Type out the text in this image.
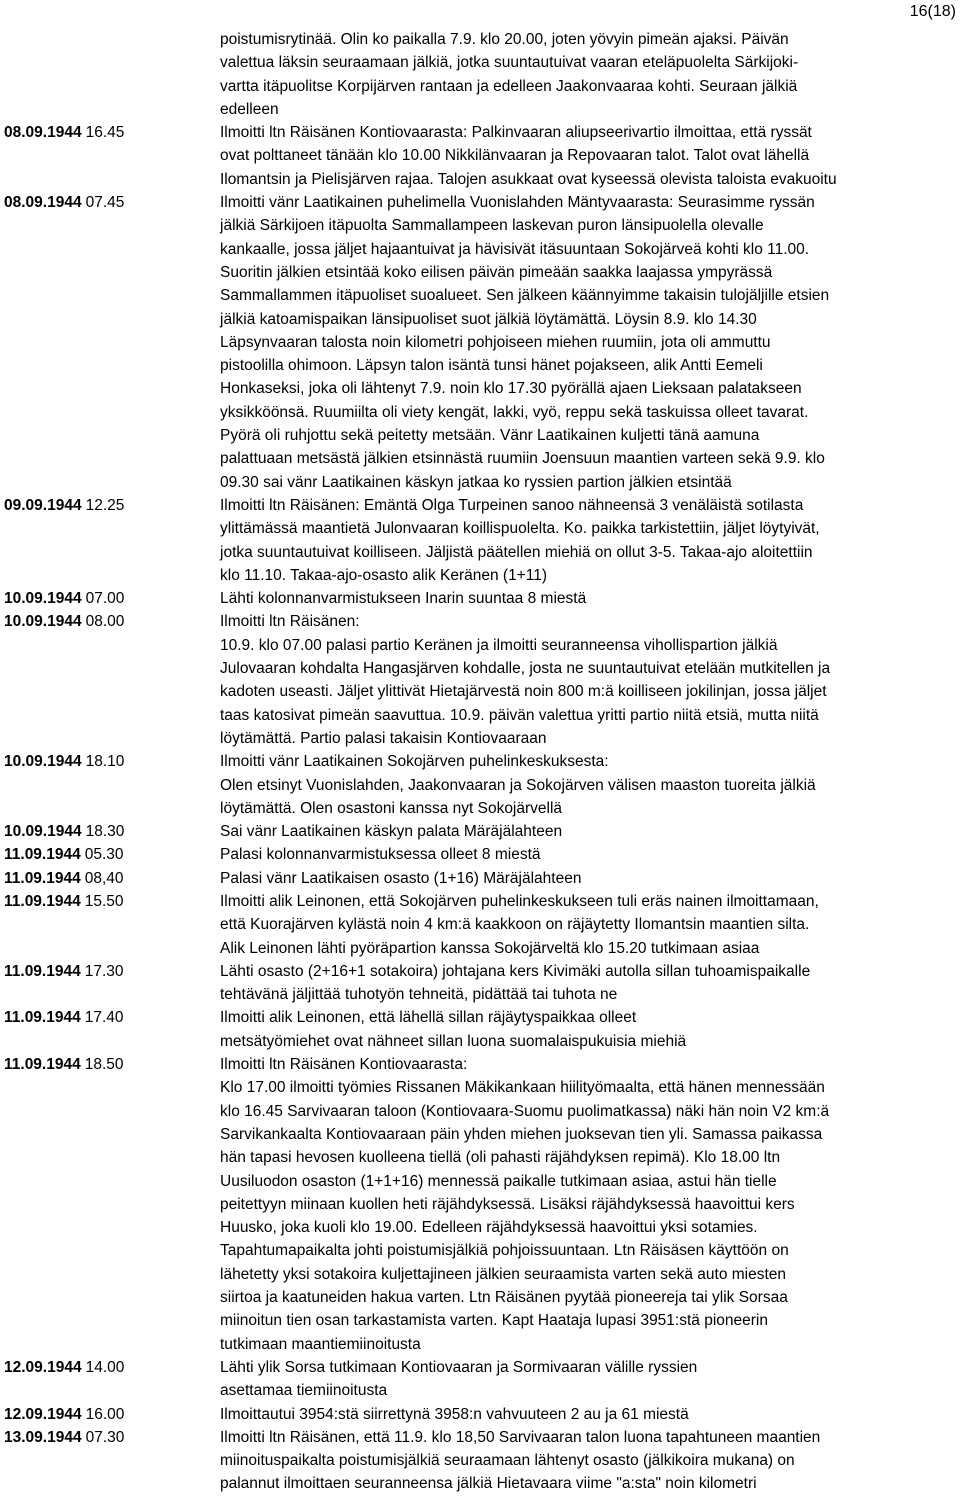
16(18)
poistumisrytinää. Olin ko paikalla 7.9. klo 20.00, joten yövyin pimeän ajaksi. Päivän
valettua läksin seuraamaan jälkiä, jotka suuntautuivat vaaran eteläpuolelta Särkijoki-
vartta itäpuolitse Korpijärven rantaan ja edelleen Jaakonvaaraa kohti. Seuraan jälkiä
edelleen
08.09.1944 16.45	Ilmoitti ltn Räisänen Kontiovaarasta: Palkinvaaran aliupseerivartio ilmoittaa, että ryssät
ovat polttaneet tänään klo 10.00 Nikkilänvaaran ja Repovaaran talot. Talot ovat lähellä
Ilomantsin ja Pielisjärven rajaa. Talojen asukkaat ovat kyseessä olevista taloista evakuoitu
08.09.1944 07.45	Ilmoitti vänr Laatikainen puhelimella Vuonislahden Mäntyvaarasta: Seurasimme ryssän
jälkiä Särkijoen itäpuolta Sammallampeen laskevan puron länsipuolella olevalle
kankaalle, jossa jäljet hajaantuivat ja hävisivät itäsuuntaan Sokojärveä kohti klo 11.00.
Suoritin jälkien etsintää koko eilisen päivän pimeään saakka laajassa ympyrässä
Sammallammen itäpuoliset suoalueet. Sen jälkeen käännyimme takaisin tulojäljille etsien
jälkiä katoamispaikan länsipuoliset suot jälkiä löytämättä. Löysin 8.9. klo 14.30
Läpsynvaaran talosta noin kilometri pohjoiseen miehen ruumiin, jota oli ammuttu
pistoolilla ohimoon. Läpsyn talon isäntä tunsi hänet pojakseen, alik Antti Eemeli
Honkaseksi, joka oli lähtenyt 7.9. noin klo 17.30 pyörällä ajaen Lieksaan palatakseen
yksikköönsä. Ruumiilta oli viety kengät, lakki, vyö, reppu sekä taskuissa olleet tavarat.
Pyörä oli ruhjottu sekä peitetty metsään. Vänr Laatikainen kuljetti tänä aamuna
palattuaan metsästä jälkien etsinnästä ruumiin Joensuun maantien varteen sekä 9.9. klo
09.30 sai vänr Laatikainen käskyn jatkaa ko ryssien partion jälkien etsintää
09.09.1944 12.25	Ilmoitti ltn Räisänen: Emäntä Olga Turpeinen sanoo nähneensä 3 venäläistä sotilasta
ylittämässä maantietä Julonvaaran koillispuolelta. Ko. paikka tarkistettiin, jäljet löytyivät,
jotka suuntautuivat koilliseen. Jäljistä päätellen miehiä on ollut 3-5. Takaa-ajo aloitettiin
klo 11.10. Takaa-ajo-osasto alik Keränen (1+11)
10.09.1944 07.00	Lähti kolonnanvarmistukseen Inarin suuntaa 8 miestä
10.09.1944 08.00	Ilmoitti ltn Räisänen:
10.9. klo 07.00 palasi partio Keränen ja ilmoitti seuranneensa vihollispartion jälkiä
Julovaaran kohdalta Hangasjärven kohdalle, josta ne suuntautuivat etelään mutkitellen ja
kadoten useasti. Jäljet ylittivät Hietajärvestä noin 800 m:ä koilliseen jokilinjan, jossa jäljet
taas katosivat pimeän saavuttua. 10.9. päivän valettua yritti partio niitä etsiä, mutta niitä
löytämättä. Partio palasi takaisin Kontiovaaraan
10.09.1944 18.10	Ilmoitti vänr Laatikainen Sokojärven puhelinkeskuksesta:
Olen etsinyt Vuonislahden, Jaakonvaaran ja Sokojärven välisen maaston tuoreita jälkiä
löytämättä. Olen osastoni kanssa nyt Sokojärvellä
10.09.1944 18.30	Sai vänr Laatikainen käskyn palata Märäjälahteen
11.09.1944 05.30	Palasi kolonnanvarmistuksessa olleet 8 miestä
11.09.1944 08,40	Palasi vänr Laatikaisen osasto (1+16) Märäjälahteen
11.09.1944 15.50	Ilmoitti alik Leinonen, että Sokojärven puhelinkeskukseen tuli eräs nainen ilmoittamaan,
että Kuorajärven kylästä noin 4 km:ä kaakkoon on räjäytetty Ilomantsin maantien silta.
Alik Leinonen lähti pyöräpartion kanssa Sokojärveltä klo 15.20 tutkimaan asiaa
11.09.1944 17.30	Lähti osasto (2+16+1 sotakoira) johtajana kers Kivimäki autolla sillan tuhoamispaikalle
tehtävänä jäljittää tuhotyön tehneitä, pidättää tai tuhota ne
11.09.1944 17.40	Ilmoitti alik Leinonen, että lähellä sillan räjäytyspaikkaa olleet
metsätyömiehet ovat nähneet sillan luona suomalaispukuisia miehiä
11.09.1944 18.50	Ilmoitti ltn Räisänen Kontiovaarasta:
Klo 17.00 ilmoitti työmies Rissanen Mäkikankaan hiilityömaalta, että hänen mennessään
klo 16.45 Sarvivaaran taloon (Kontiovaara-Suomu puolimatkassa) näki hän noin V2 km:ä
Sarvikankaalta Kontiovaaraan päin yhden miehen juoksevan tien yli. Samassa paikassa
hän tapasi hevosen kuolleena tiellä (oli pahasti räjähdyksen repimä). Klo 18.00 ltn
Uusiluodon osaston (1+1+16) mennessä paikalle tutkimaan asiaa, astui hän tielle
peitettyyn miinaan kuollen heti räjähdyksessä. Lisäksi räjähdyksessä haavoittui kers
Huusko, joka kuoli klo 19.00. Edelleen räjähdyksessä haavoittui yksi sotamies.
Tapahtumapaikalta johti poistumisjälkiä pohjoissuuntaan. Ltn Räisäsen käyttöön on
lähetetty yksi sotakoira kuljettajineen jälkien seuraamista varten sekä auto miesten
siirtoa ja kaatuneiden hakua varten. Ltn Räisänen pyytää pioneereja tai ylik Sorsaa
miinoitun tien osan tarkastamista varten. Kapt Haataja lupasi 3951:stä pioneerin
tutkimaan maantiemiinoitusta
12.09.1944 14.00	Lähti ylik Sorsa tutkimaan Kontiovaaran ja Sormivaaran välille ryssien
asettamaa tiemiinoitusta
12.09.1944 16.00	Ilmoittautui 3954:stä siirrettynä 3958:n vahvuuteen 2 au ja 61 miestä
13.09.1944 07.30	Ilmoitti ltn Räisänen, että 11.9. klo 18,50 Sarvivaaran talon luona tapahtuneen maantien
miinoituspaikalta poistumisjälkiä seuraamaan lähtenyt osasto (jälkikoira mukana) on
palannut ilmoittaen seuranneensa jälkiä Hietavaara viime "a:sta" noin kilometri
